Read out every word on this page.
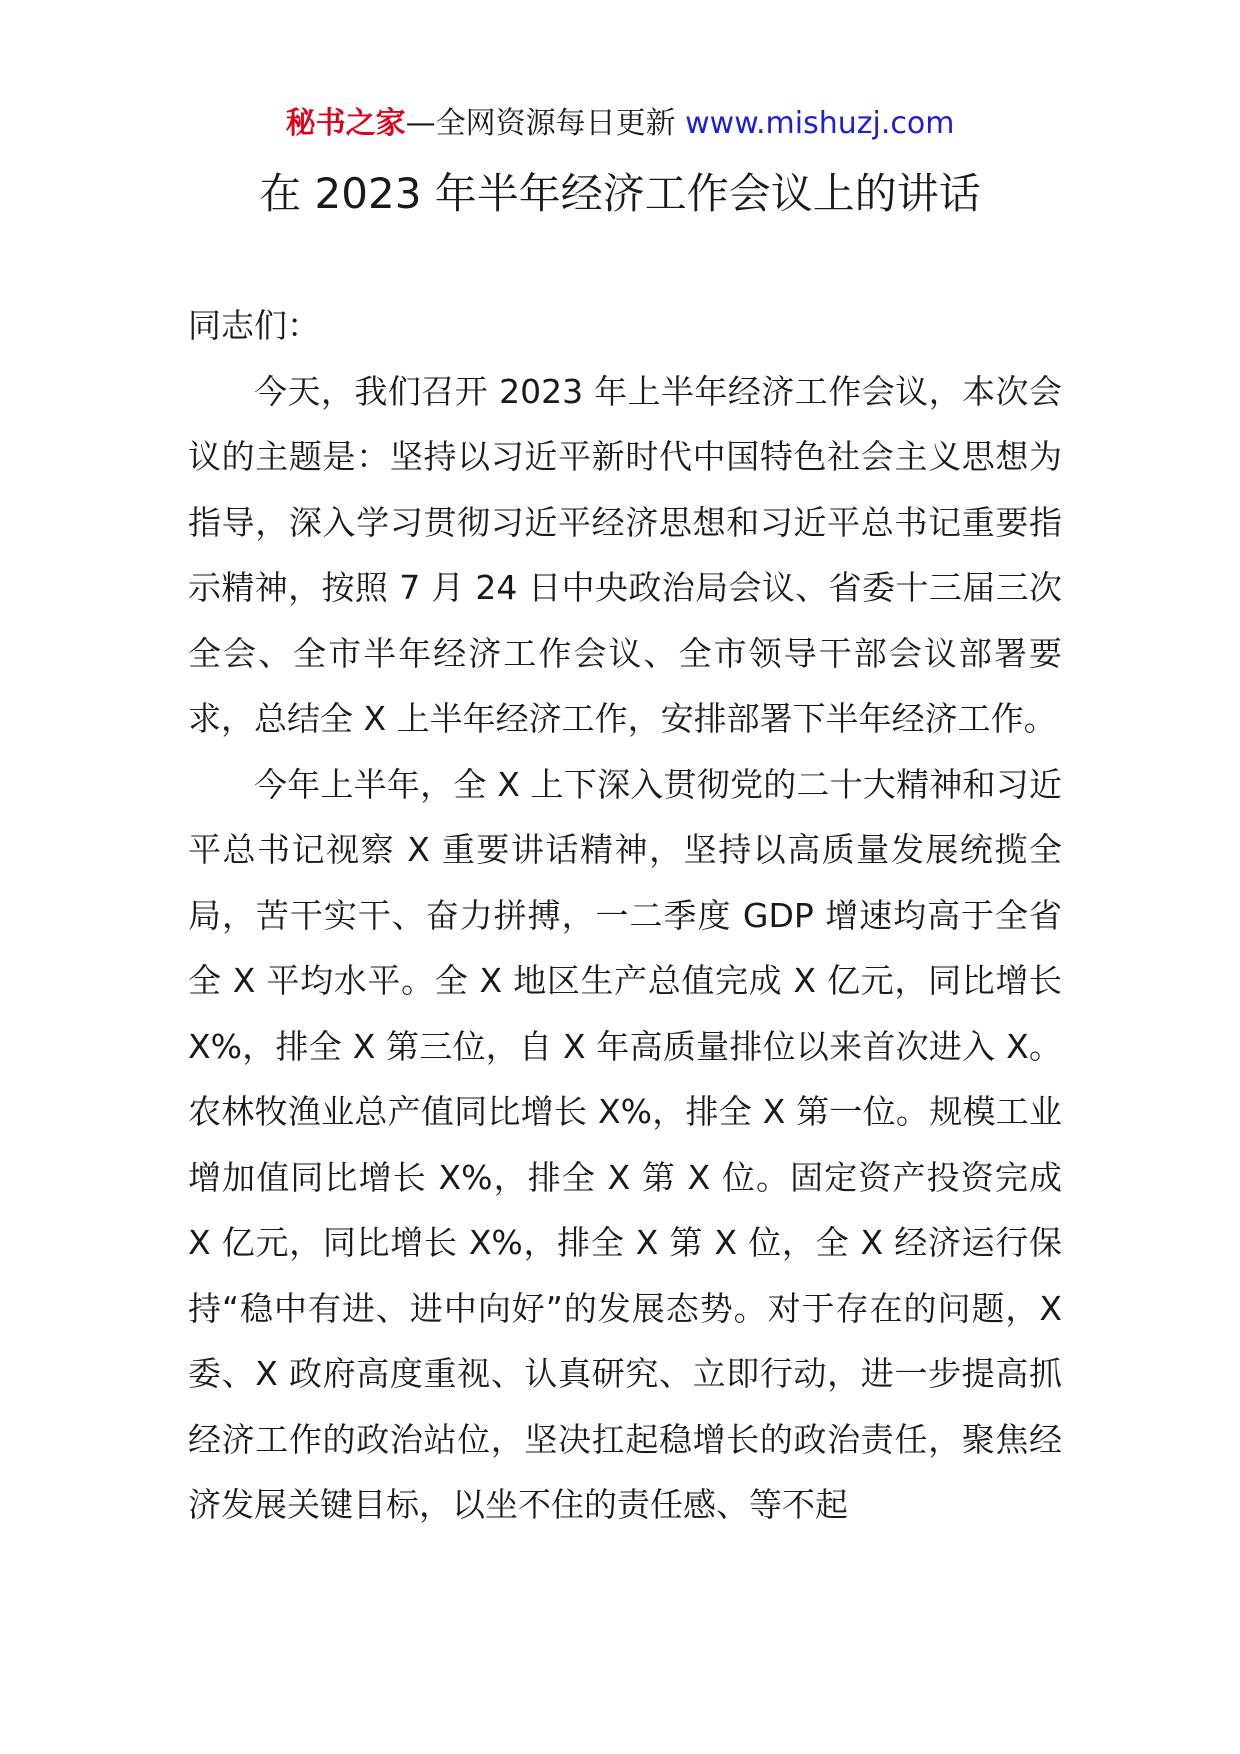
秘书之家—全网资源每日更新 www.mishuzj.com
在 2023 年半年经济工作会议上的讲话

同志们：

今天，我们召开 2023 年上半年经济工作会议，本次会议的主题是：坚持以习近平新时代中国特色社会主义思想为指导，深入学习贯彻习近平经济思想和习近平总书记重要指示精神，按照 7 月 24 日中央政治局会议、省委十三届三次全会、全市半年经济工作会议、全市领导干部会议部署要求，总结全 X 上半年经济工作，安排部署下半年经济工作。

今年上半年，全 X 上下深入贯彻党的二十大精神和习近平总书记视察 X 重要讲话精神，坚持以高质量发展统揽全局，苦干实干、奋力拼搏，一二季度 GDP 增速均高于全省全 X 平均水平。全 X 地区生产总值完成 X 亿元，同比增长 X%，排全 X 第三位，自 X 年高质量排位以来首次进入 X。农林牧渔业总产值同比增长 X%，排全 X 第一位。规模工业增加值同比增长 X%，排全 X 第 X 位。固定资产投资完成 X 亿元，同比增长 X%，排全 X 第 X 位，全 X 经济运行保持“稳中有进、进中向好”的发展态势。对于存在的问题，X 委、X 政府高度重视、认真研究、立即行动，进一步提高抓经济工作的政治站位，坚决扛起稳增长的政治责任，聚焦经济发展关键目标，以坐不住的责任感、等不起
